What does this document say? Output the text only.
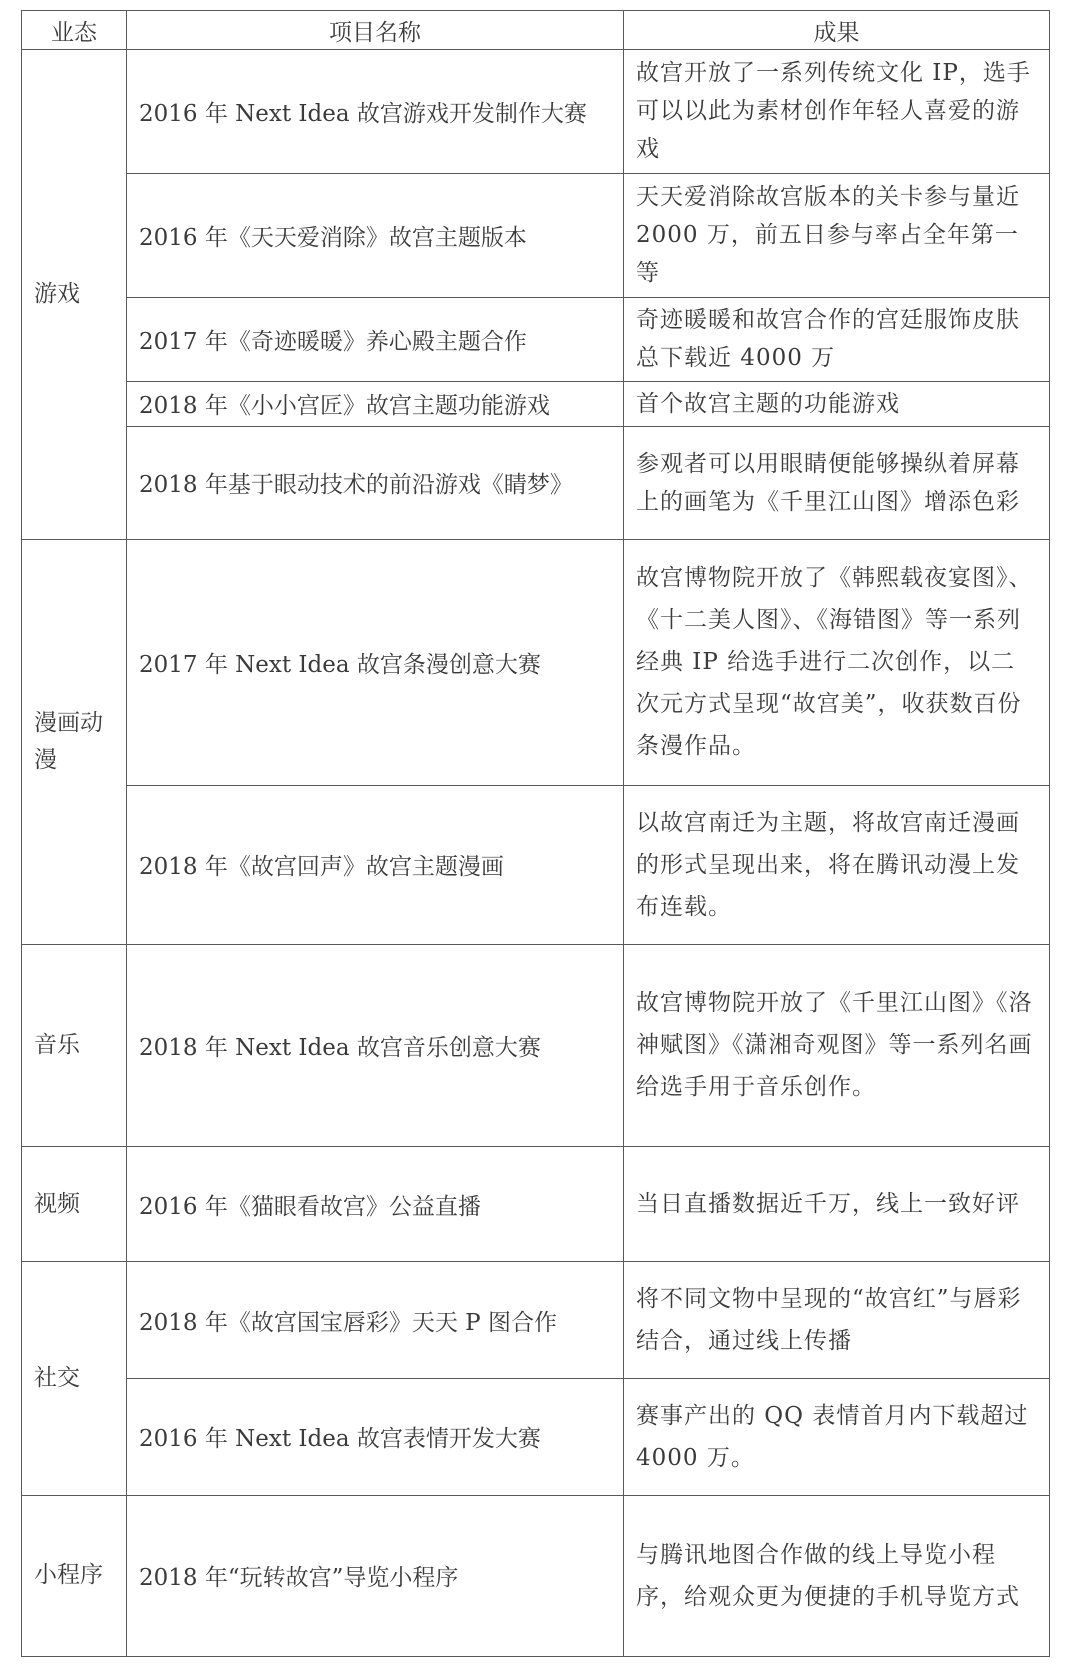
业态	项目名称	成果
游戏	2016 年 Next Idea 故宫游戏开发制作大赛	故宫开放了一系列传统文化 IP，选手可以以此为素材创作年轻人喜爱的游戏
	2016 年《天天爱消除》故宫主题版本	天天爱消除故宫版本的关卡参与量近 2000 万，前五日参与率占全年第一等
	2017 年《奇迹暖暖》养心殿主题合作	奇迹暖暖和故宫合作的宫廷服饰皮肤总下载近 4000 万
	2018 年《小小宫匠》故宫主题功能游戏	首个故宫主题的功能游戏
	2018 年基于眼动技术的前沿游戏《睛梦》	参观者可以用眼睛便能够操纵着屏幕上的画笔为《千里江山图》增添色彩
漫画动漫	2017 年 Next Idea 故宫条漫创意大赛	故宫博物院开放了《韩熙载夜宴图》、《十二美人图》、《海错图》等一系列经典 IP 给选手进行二次创作，以二次元方式呈现“故宫美”，收获数百份条漫作品。
	2018 年《故宫回声》故宫主题漫画	以故宫南迁为主题，将故宫南迁漫画的形式呈现出来，将在腾讯动漫上发布连载。
音乐	2018 年 Next Idea 故宫音乐创意大赛	故宫博物院开放了《千里江山图》《洛神赋图》《潇湘奇观图》等一系列名画给选手用于音乐创作。
视频	2016 年《猫眼看故宫》公益直播	当日直播数据近千万，线上一致好评
社交	2018 年《故宫国宝唇彩》天天 P 图合作	将不同文物中呈现的“故宫红”与唇彩结合，通过线上传播
	2016 年 Next Idea 故宫表情开发大赛	赛事产出的 QQ 表情首月内下载超过 4000 万。
小程序	2018 年“玩转故宫”导览小程序	与腾讯地图合作做的线上导览小程序，给观众更为便捷的手机导览方式
